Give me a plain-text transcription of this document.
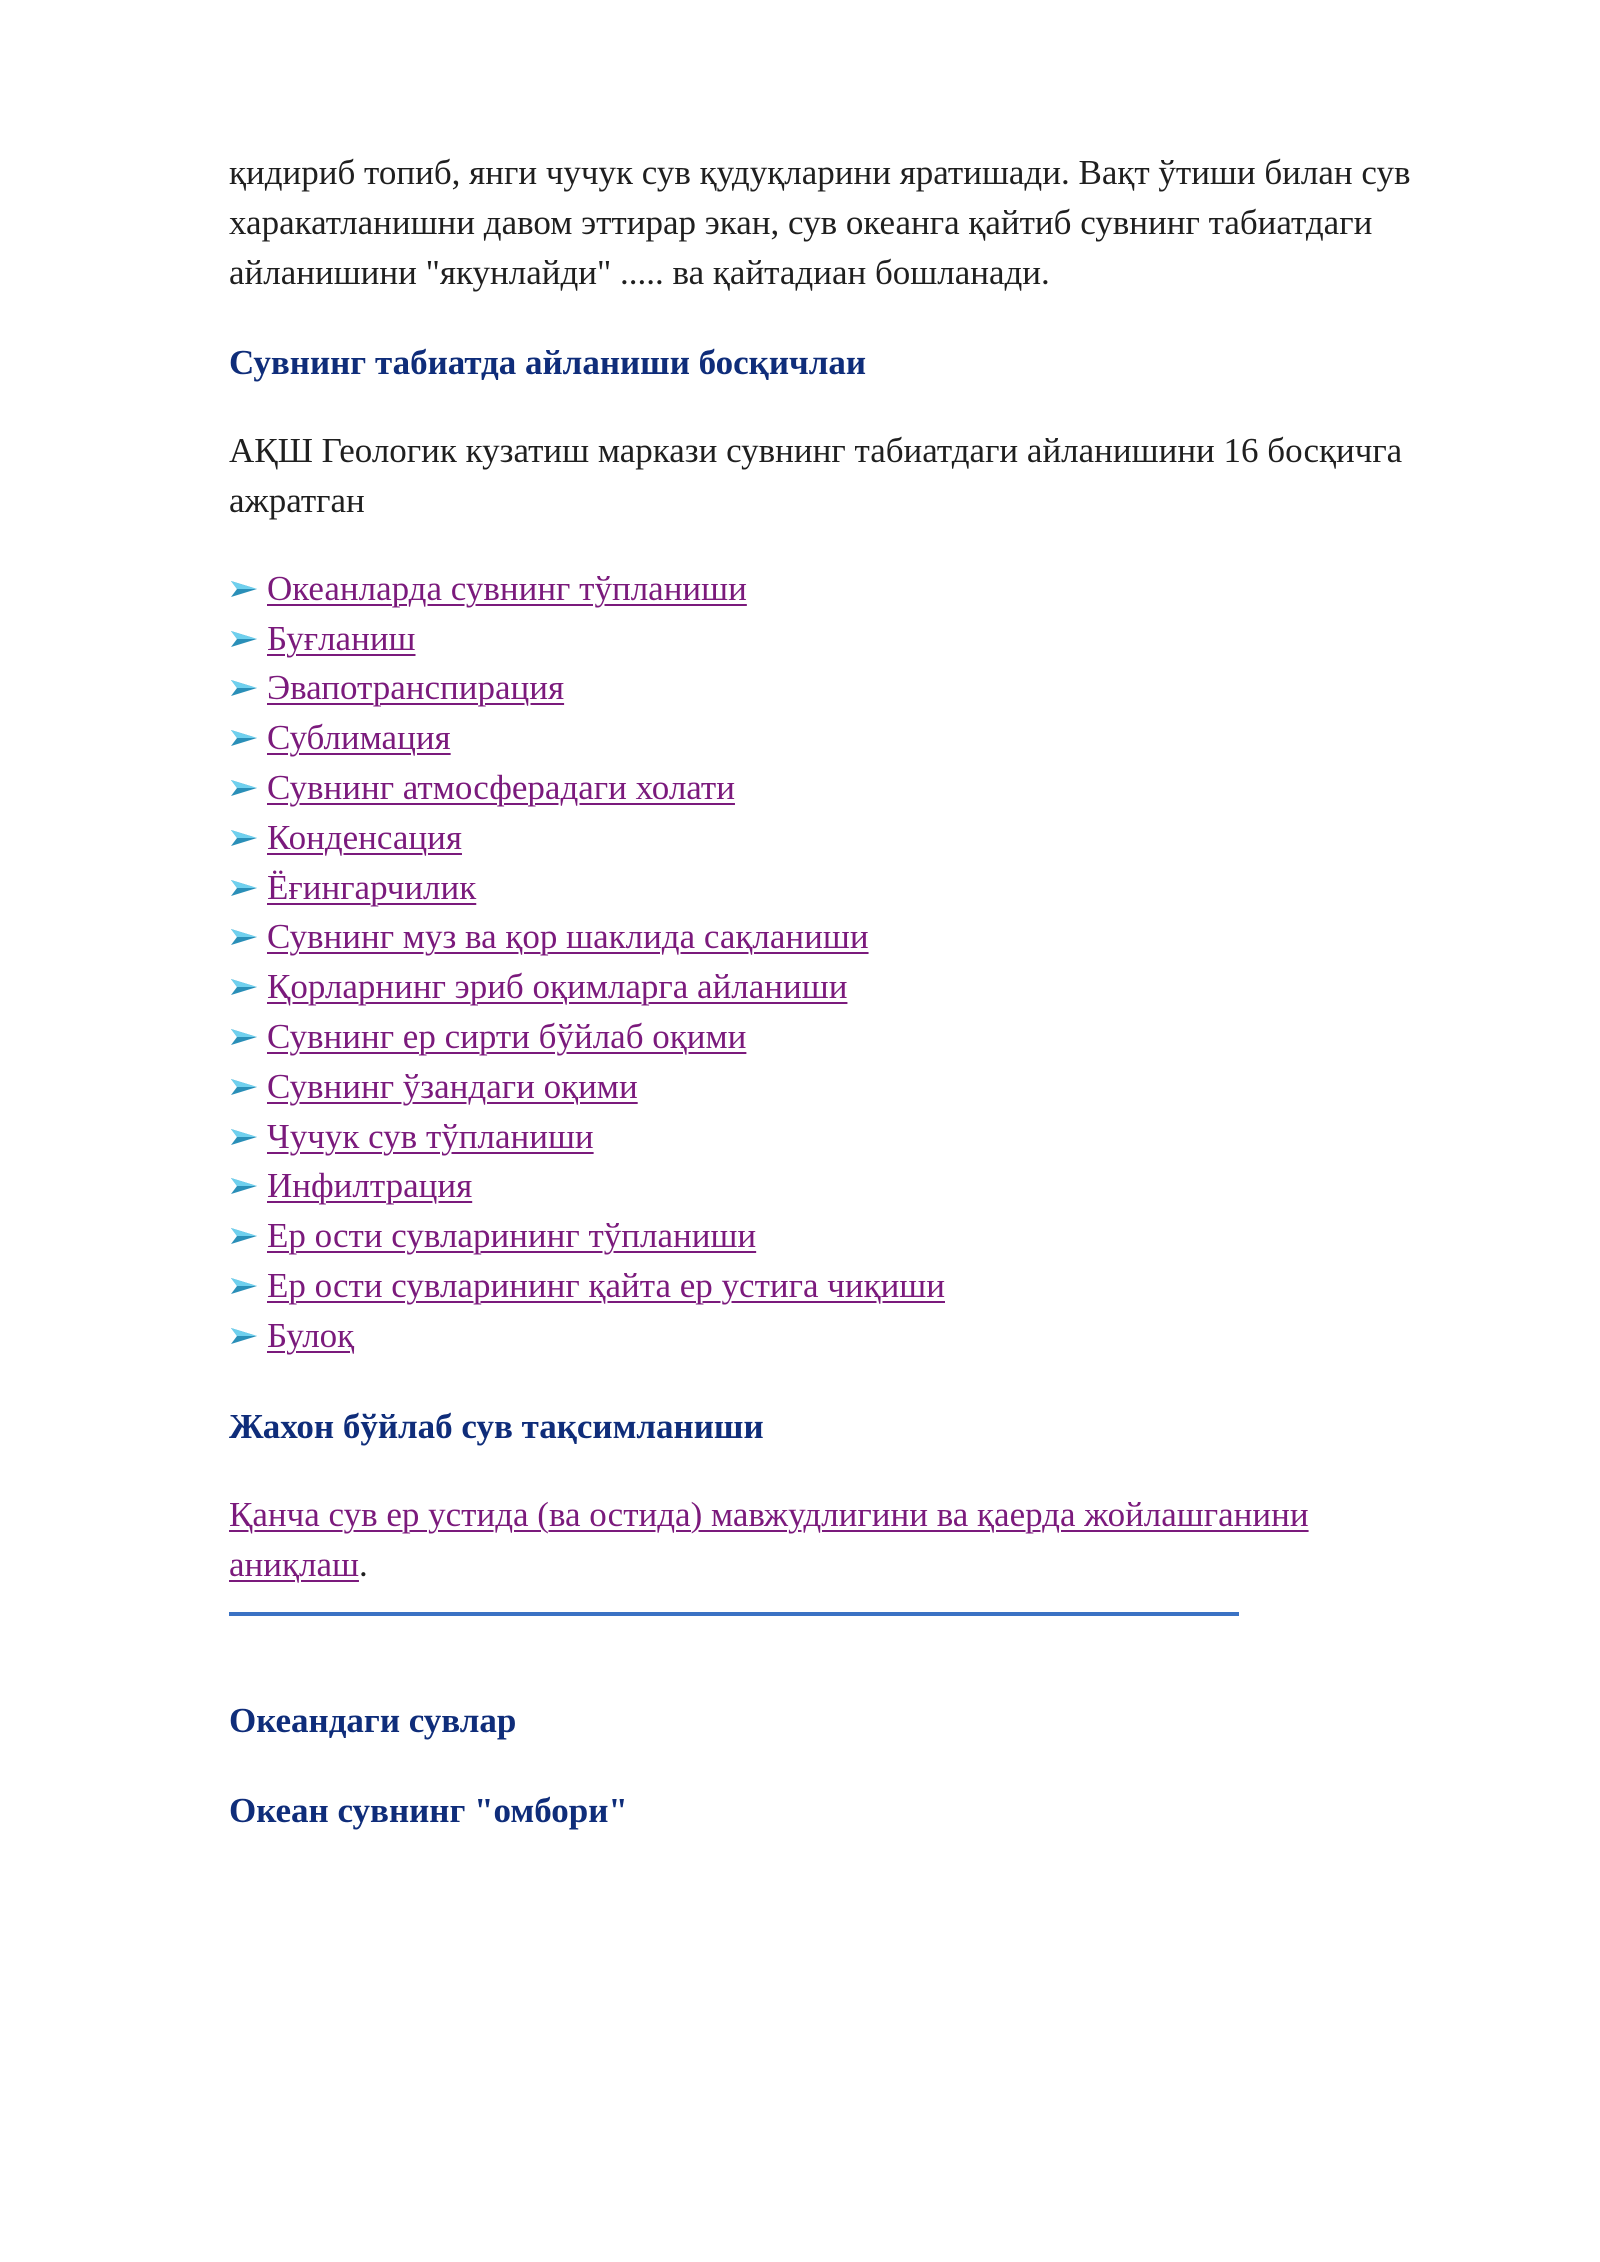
қидириб топиб, янги чучук сув қудуқларини яратишади. Вақт ўтиши билан сув харакатланишни давом эттирар экан, сув океанга қайтиб сувнинг табиатдаги айланишини "якунлайди" ..... ва қайтадиан бошланади.

Сувнинг табиатда айланиши босқичлаи

АҚШ Геологик кузатиш маркази сувнинг табиатдаги айланишини 16 босқичга ажратган

Океанларда сувнинг тўпланиши
Буғланиш
Эвапотранспирация
Сублимация
Сувнинг атмосферадаги холати
Конденсация
Ёғингарчилик
Сувнинг муз ва қор шаклида сақланиши
Қорларнинг эриб оқимларга айланиши
Сувнинг ер сирти бўйлаб оқими
Сувнинг ўзандаги оқими
Чучук сув тўпланиши
Инфилтрация
Ер ости сувларининг тўпланиши
Ер ости сувларининг қайта ер устига чиқиши
Булоқ
Жахон бўйлаб сув тақсимланиши

Қанча сув ер устида (ва остида) мавжудлигини ва қаерда жойлашганини аниқлаш.

Океандаги сувлар
Океан сувнинг "омбори"
